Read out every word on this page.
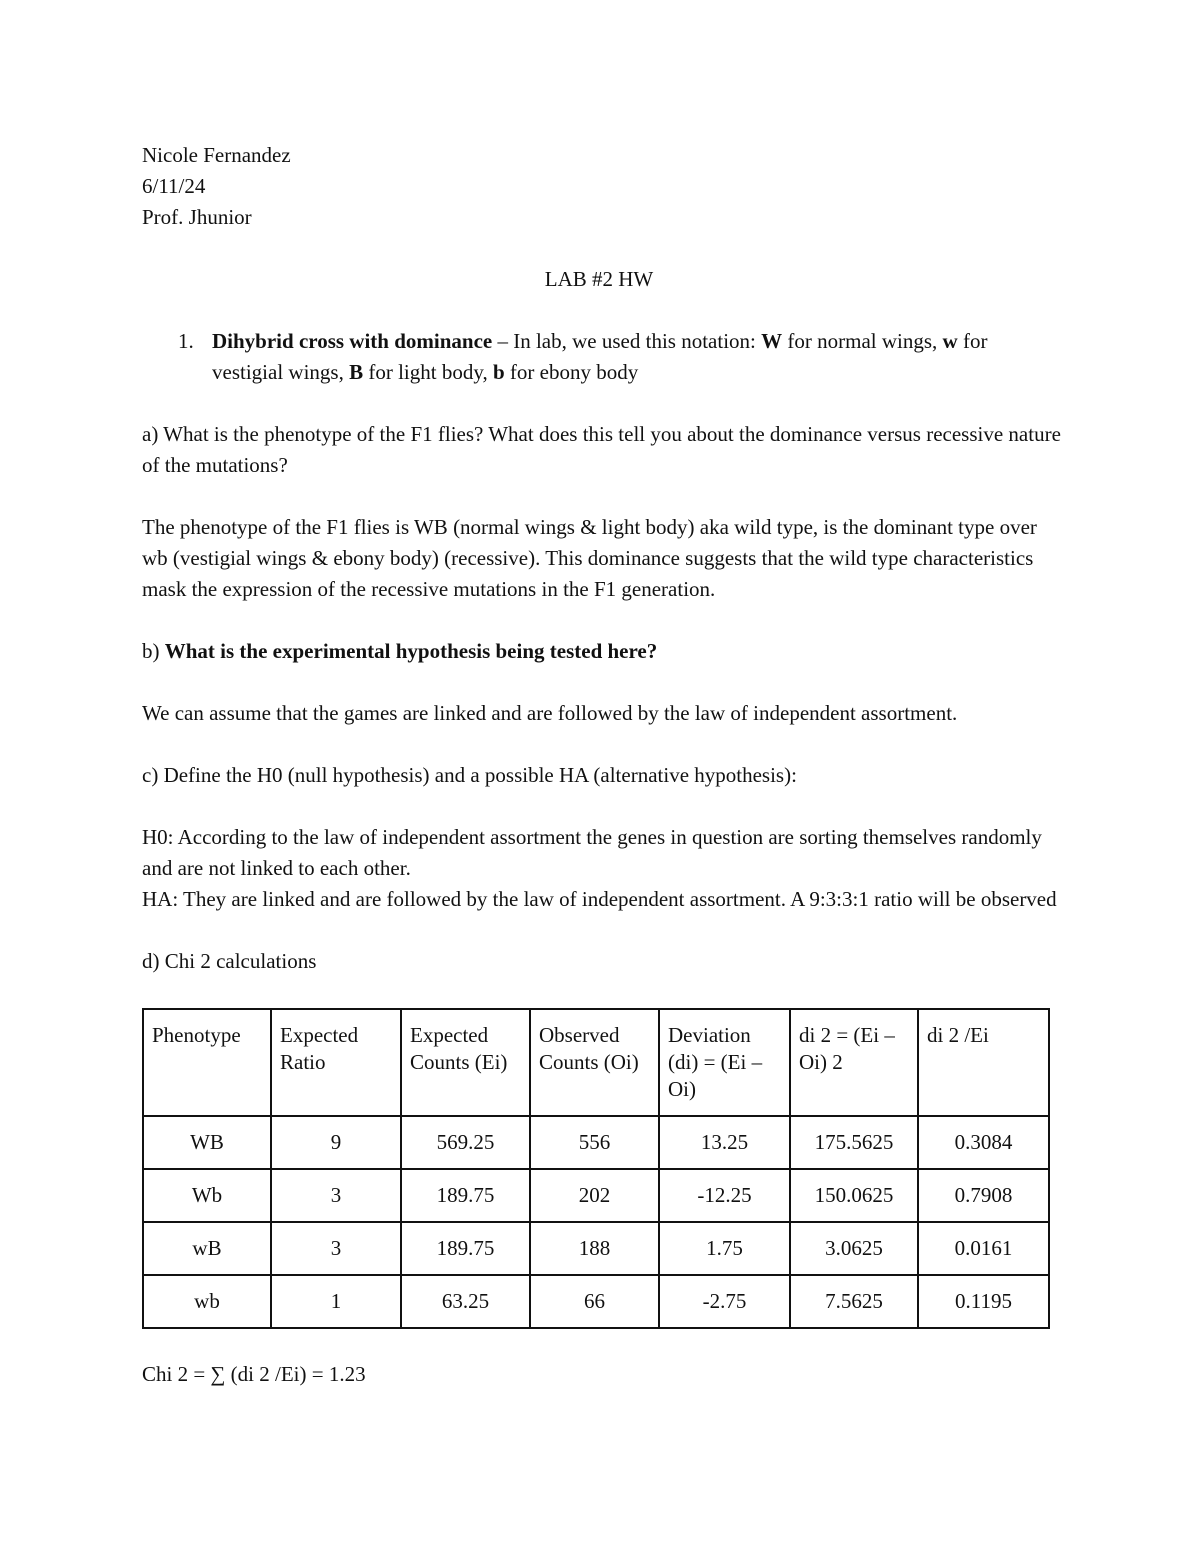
Nicole Fernandez

6/11/24

Prof. Jhunior

LAB #2 HW

1. Dihybrid cross with dominance – In lab, we used this notation: W for normal wings, w for vestigial wings, B for light body, b for ebony body

a) What is the phenotype of the F1 flies? What does this tell you about the dominance versus recessive nature of the mutations?

The phenotype of the F1 flies is WB (normal wings & light body) aka wild type, is the dominant type over wb (vestigial wings & ebony body) (recessive). This dominance suggests that the wild type characteristics mask the expression of the recessive mutations in the F1 generation.

b) What is the experimental hypothesis being tested here?

We can assume that the games are linked and are followed by the law of independent assortment.

c) Define the H0 (null hypothesis) and a possible HA (alternative hypothesis):

H0: According to the law of independent assortment the genes in question are sorting themselves randomly and are not linked to each other.

HA: They are linked and are followed by the law of independent assortment. A 9:3:3:1 ratio will be observed

d) Chi 2 calculations

Phenotype	Expected Ratio	Expected Counts (Ei)	Observed Counts (Oi)	Deviation (di) = (Ei – Oi)	di 2 = (Ei – Oi) 2	di 2 /Ei
WB	9	569.25	556	13.25	175.5625	0.3084
Wb	3	189.75	202	-12.25	150.0625	0.7908
wB	3	189.75	188	1.75	3.0625	0.0161
wb	1	63.25	66	-2.75	7.5625	0.1195

Chi 2 = ∑ (di 2 /Ei) = 1.23
